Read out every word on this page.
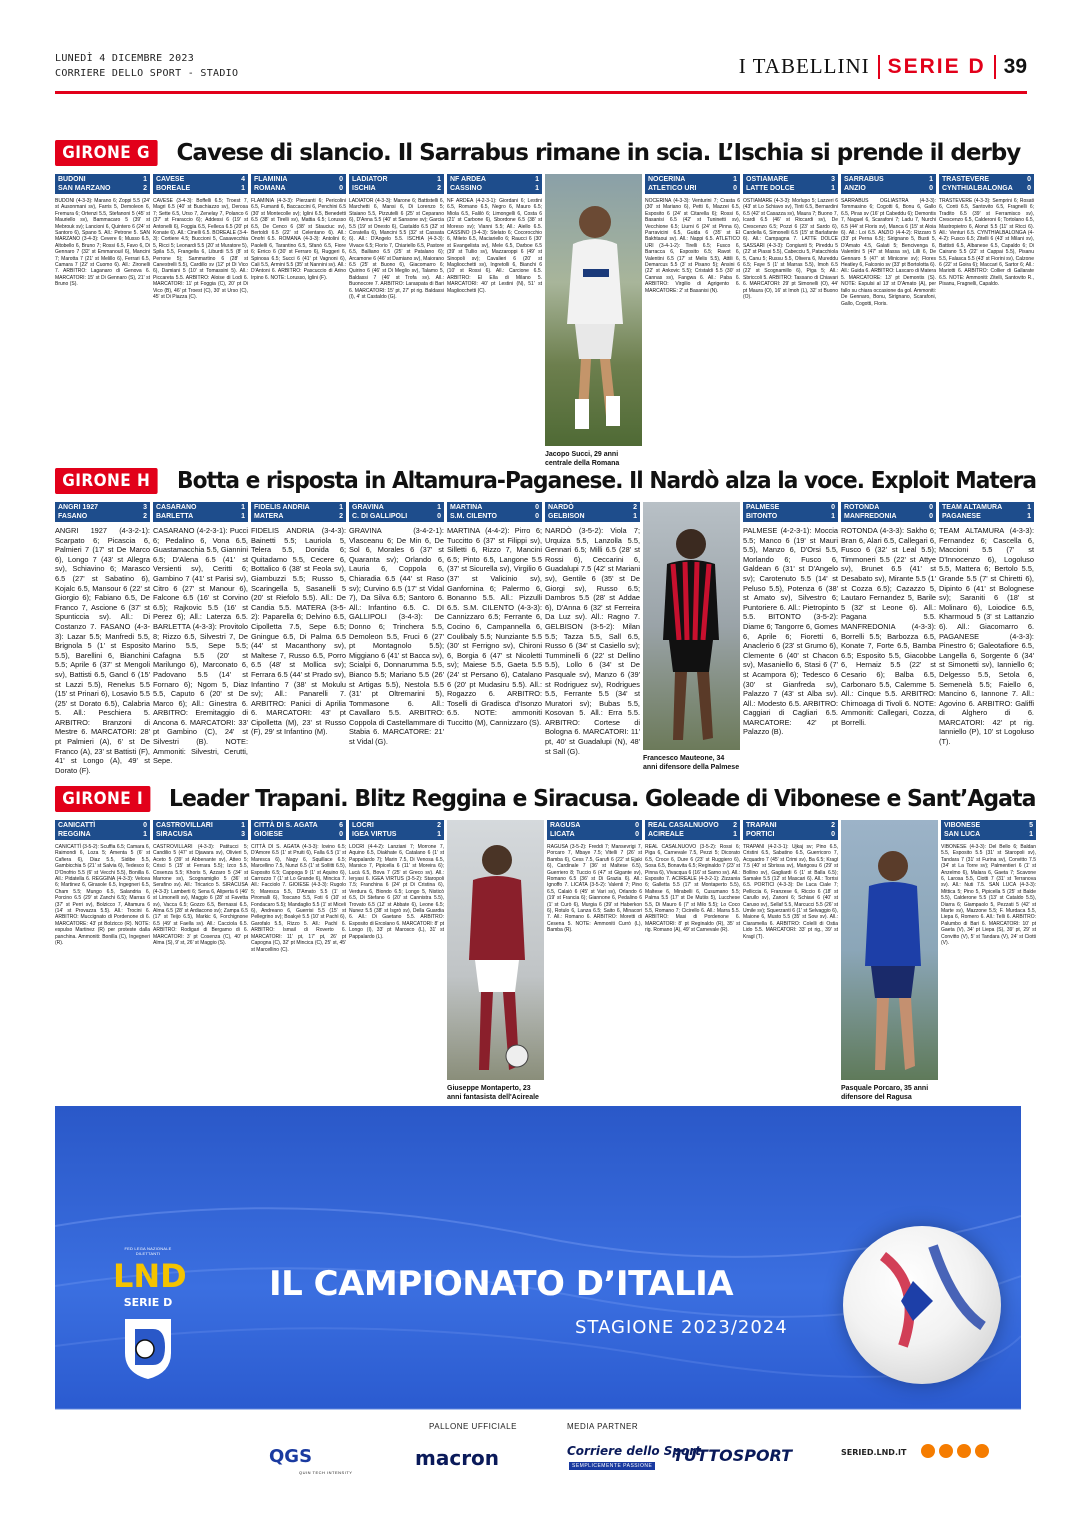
LUNEDÌ 4 DICEMBRE 2023
CORRIERE DELLO SPORT - STADIO	I TABELLINI SERIE D 39
GIRONE G	Cavese di slancio. Il Sarrabus rimane in scia. L’Ischia si prende il derby
BUDONI	1
SAN MARZANO	2
BUDONI (4-3-3): Marano 6; Zoppi 5.5 (24' st Ausonmani sv), Farris 5, Demoleon 6, Fremura 6; Ortenzi 5.5, Stefanoni 5 (45' st Mauriello sv), Bammacaro 5 (39' st Mebrouk sv); Lancioni 6, Quintero 6 (24' st Santoro 6), Spano 5. All.: Petrone 5. SAN MARZANO (3-4-3): Cevere 6; Musso 6.5, Altobello 6, Bruno 7; Rossi 6.5, Favo 6, Di Gennaro 7 (32' st Emmanouil 6), Mancini 7; Marotta 7 (21' st Melillo 6), Ferrari 6.5, Camara 7 (22' st Cuomo 6). All.: Zironelli 7. ARBITRO: Laganaro di Genova 6. MARCATORI: 15' st Di Gennaro (S), 21' st Bruno (S).
CAVESE	4
BOREALE	1
CAVESE (3-4-3): Boffelli 6.5; Troest 7, Magri 6.5 (40' st Buschiazzo sv), Derosa 7; Sette 6.5, Urso 7, Zenelay 7, Polanco 6 (37' st Fraraccio 6); Addessi 6 (19' st Antonelli 6), Foggia 6.5, Felleca 6.5 (20' pt Konate 6). All.: Cinelli 6.5. BOREALE (3-4-3): Cortiere 4.5; Buccioni 5, Casavecchia 5, Ricci 5; Leonardi 5.5 (20' st Muratore 5), Spila 5.5, Frangella 6, Liburdi 5.5 (8' st Perrone 5); Sammartino 6 (28' st Canestrelli 5.5), Cardillo sv (12' pt Di Vico 6), Damiani 5 (10' st Tomassini 5). All.: Piccareta 5.5. ARBITRO: Aloise di Lodi 6. MARCATORI: 11' pt Foggia (C), 20' pt Di Vico (B), 46' pt Troest (C), 30' st Urso (C), 45' st Di Piazza (C).
FLAMINIA	0
ROMANA	0
FLAMINIA (4-3-3): Pierzanti 6; Pericolini 6.5, Fumanti 6, Baccaccini 6, Penchini 6.5 (30' st Montecolle sv); Iglini 6.5, Benedetti 6.5 (38' st Tirelli sv), Mattia 6.5; Lorusso 6.5, De Cenco 6 (38' st Stauciuc sv), Bertoldi 6.5 (22' st Celentano 6). All.: Onofri 6.5. ROMANA (4-3-3): Antolini 6; Paolelli 6, Tarantino 6.5, Sfanò 6.5, Fiore 6; Errico 6 (30' st Ferraro 6), Ruggeri 6, Spinosa 6.5; Succi 6 (41' pt Vagnoni 6), Cali 5.5, Armini 5.5 (35' st Nannini sv). All.: D'Antoni 6. ARBITRO: Pascuccio di Arino Irpino 6. NOTE: Lorusso, Iglini (F).
LADIATOR	1
ISCHIA	2
LADIATOR (4-3-3): Marone 6; Battistelli 6, Marchetti 6, Mansi 6, Di Lorenzo 5; Staiano 5.5, Pizzutelli 6 (25' st Ceparano 6), D'Anna 5.5 (40' st Sansone sv); Garcia 5.5 (19' st Onesto 6), Castaldo 6.5 (32' st Coratella 6), Mancini 5.5 (32' st Cassata 6). All.: D'Angelo 5.5. ISCHIA (4-3-3): Vivace 6.5; Florio 7, Chiariello 6.5, Pastore 6.5, Balliano 6.5 (25' st Patalano 6); Arcamone 6 (46' st Damiano sv), Maiorano 6.5 (25' st Buono 6), Giacomarro 6; Quirino 6 (46' st Di Meglio sv), Talamo 5, Baldassi 7 (46' st Trofa sv). All.: Buonocore 7. ARBITRO: Laraspata di Bari 6. MARCATORI: 15' pt, 27' pt rig. Baldassi (I), 4' st Castaldo (G).
NF ARDEA	1
CASSINO	1
NF ARDEA (4-2-3-1): Giordani 6; Lestini 6.5, Romano 6.5, Negro 6, Mauro 6.5; Miola 6.5, Falilò 6; Limongelli 6, Costa 6 (21' st Carbone 6), Sbordone 6.5 (38' st Moreso sv); Vianni 5.5; All.: Aiello 6.5. CASSINO (3-4-3): Stelato 6; Cocorocchio 6, Mileto 6.5, Maciariello 6; Raucci 6 (30' st Evangelista sv), Mele 6.5, Darboe 6.5 (39' st Tullio sv), Mazzaroppi 6 (49' st Sinopoli sv); Cavalieri 6 (20' st Magliocchetti sv), Ingretolli 6, Bianchi 6 (10' st Rossi 6). All.: Carcione 6.5. ARBITRO: El Ella di Milano 5. MARCATORI: 40' pt Lestini (N), 51' st Magliocchetti (C).
Jacopo Succi, 29 anni centrale della Romana
NOCERINA	1
ATLETICO URI	0
NOCERINA (4-3-3): Venturini 7; Crasta 6 (30' st Mariano 6), Petti 6, Mazzei 6.5, Esposito 6 (24' st Citarella 6); Rossi 6, Basanisi 6.5 (42' st Tuninetti sv), Vecchione 6.5; Liurni 6 (24' st Pinna 6), Parravicini 6.5, Guida 6 (35' st El Bakhtaoui sv). All.: Nappi 6.5. ATLETICO URI (3-4-1-2): Tirelli 6.5; Fusco 6, Barracca 6, Esposito 6.5; Ravot 6, Valentini 6.5 (17' st Melis 5.5), Attili 6, Demarcus 5.5 (3' st Pisano 5); Ansini 6 (22' st Ankovic 5.5); Cristaldi 5.5 (30' st Cannas sv), Fangwa 6. All.: Paba 6. ARBITRO: Virgilio di Agrigento 6. MARCATORE: 2' st Basanisi (N).
OSTIAMARE	3
LATTE DOLCE	1
OSTIAMARE (4-3-3): Morlupo 5; Lazzeri 6 (43' st Lo Schiavo sv), Tinti 6.5, Bernardini 6.5 (42' st Casazza sv), Maura 7; Buono 7, Icardi 6.5 (46' st Riccardi sv), De Crescenzo 6.5; Pozzi 6 (23' st Sardo 6), Cardella 6, Simonelli 6.5 (15' st Barlafante 6). All.: Campagna 7. LATTE DOLCE SASSARI (4-3-3): Congiunti 5; Pireddu 5 (22' st Piassi 5.5), Cabecciu 5, Patacchiola 5, Canu 5; Russu 5.5, Olivera 6, Mureddu 6.5; Faye 5 (1' st Marras 5.5), Imoh 6.5 (22' st Scognamillo 6), Piga 5; All.: Sbriccoli 5. ARBITRO: Tassano di Chiavari 6. MARCATORI: 29' pt Simonelli (O), 44' pt Maura (O), 16' st Imoh (L), 32' st Buono (O).
SARRABUS	1
ANZIO	0
SARRABUS OGLIASTRA (4-3-3): Tommasino 6; Cogotti 6, Bonu 6, Gallo 6.5, Piras sv (16' pt Cabeddu 6); Demontis 7, Naguel 6, Scarafoni 7; Ladu 7, Nurchi 6.5 (44' st Floris sv), Manca 6 (15' st Aloia 6). All.: Loi 6.5. ANZIO (4-4-2): Rizzaro 5 (33' pt Perna 6.5); Sirignano 5, Busti 5, D'Amato 4.5, Galati 5; Bencivenga 6, Valentini 5 (47' st Massa sv), Lilli 6, De Gennaro 5 (47' st Minicone sv); Flores Heatley 6, Falconio sv (33' pt Bortolotta 6). All.: Guida 6. ARBITRO: Lascaro di Matera 5. MARCATORE: 13' pt Demontis (S). NOTE: Espulsi al 13' st D'Amato (A), per fallo su chiara occasione da gol. Ammoniti: De Gennaro, Bonu, Sirignano, Scarafoni, Gallo, Cogotti, Floris.
TRASTEVERE	0
CYNTHIALBALONGA 0
TRASTEVERE (4-3-3): Semprini 6; Rosati 6, Conti 6.5, Santovito 6.5, Fragnelli 6; Tradito 6.5 (39' st Ferramisco sv), Crescenzo 6.5, Calderoni 6; Tortolano 6.5, Mastropietro 6, Alonzi 5.5 (11' st Ricci 6). All.: Venturi 6.5. CYNTHIALBALONGA (4-4-2): Fusco 6.5; Zitelli 6 (43' st Milani sv), Battisti 6.5, Albanese 6.5, Capaldo 6; Di Cairano 5.5 (22' st Cappai 5.5), Pisanu 5.5, Falasca 5.5 (43' st Fiorini sv), Calzone 6 (22' st Goira 6); Maccari 6, Sartor 6; All.: Mariotti 6. ARBITRO: Collier di Gallarate 6.5. NOTE: Ammoniti: Zitelli, Santovito R., Pisanu, Fragnelli, Capaldo.
GIRONE H	Botta e risposta in Altamura-Paganese. Il Nardò alza la voce. Exploit Matera
ANGRI 1927	3
FASANO	2
ANGRI 1927 (4-3-2-1): Scarpato 6; Picascia 6, Palmieri 7 (17' st De Marco 6), Longo 7 (43' st Allegra sv), Schiavino 6; Marasco 6.5 (27' st Sabatino 6), Kojalc 6.5, Mansour 6 (22' st Giorgio 6); Fabiano 6.5, De Franco 7, Ascione 6 (37' st Spunticcia sv). All.: Di Costanzo 7. FASANO (4-3-3): Lazar 5.5; Manfredi 5.5, Brignola 5 (1' st Esposito 5.5), Barellini 6, Bianchini 5.5; Aprile 6 (37' st Mengoli sv), Battisti 6.5, Gancl 6 (15' st Lazzi 5.5), Renelus 5.5 (15' st Prinari 6), Losavio 5.5 (25' st Dorato 6.5), Calabria 5. All.: Peschiera 5. ARBITRO: Branzoni di Mestre 6. MARCATORI: 28' pt Palmieri (A), 6' st De Franco (A), 23' st Battisti (F), 41' st Longo (A), 49' st Dorato (F).
CASARANO	1
BARLETTA	1
CASARANO (4-2-3-1): Pucci 6; Pedalino 6, Vona 6.5, Guastamacchia 5.5, Giannini 6.5; D'Alena 6.5 (41' st Versienti sv), Ceritti 6; Gambino 7 (41' st Parisi sv), Citro 6 (27' st Manour 6), Falcone 6.5 (16' st Corvino 6.5); Rajkovic 5.5 (16' st Perez 6); All.: Laterza 6.5. BARLETTA (4-3-3): Provitolo 8; Rizzo 6.5, Silvestri 7, De Marino 5.5, Sepe 5.5; Cafagna 5.5 (20' st Marilungo 6), Marconato 6, Padovano 5.5 (14' st Fornaro 6); Ngom 5, Diaz 5.5, Caputo 6 (20' st De Marco 6); All.: Ginestra 6. ARBITRO: Eremitaggio di Ancona 6. MARCATORI: 33' pt Gambino (C), 24' st Silvestri (B). NOTE: Ammoniti: Silvestri, Cerutti, Sepe.
FIDELIS ANDRIA	1
MATERA	2
FIDELIS ANDRIA (3-4-3): Bainetti 5.5; Lauriola 5, Telera 5.5, Donida 6; Quitadamo 5.5, Cecere 6, Bottalico 6 (38' st Feola sv), Giambuzzi 5.5; Russo 5, Scaringella 5, Sasanelli 5 (20' st Riefolo 5.5). All.: De Candia 5.5. MATERA (3-5-2): Paparella 6; Delvino 6.5, Cipolletta 7.5, Sepe 6.5; Gningue 6.5, Di Palma 6.5 (44' st Macanthony sv), Maltese 7, Russo 6.5, Porro 6.5 (48' st Mollica sv); Ferrara 6.5 (44' st Prado sv), Infantino 7 (38' st Mokulu sv); All.: Panarelli 7. ARBITRO: Panici di Aprilia 6. MARCATORI: 43' pt Cipolletta (M), 23' st Russo (F), 29' st Infantino (M).
GRAVINA	1
C. DI GALLIPOLI	0
GRAVINA (3-4-2-1): Vlasceanu 6; De Min 6, De Sol 6, Morales 6 (37' st Quaranta sv); Orlando 6, Lauria 6, Coppola 6, Chiaradia 6.5 (44' st Raso sv); Curvino 6.5 (17' st Vidal 7), Da Silva 6.5; Santoro 6. All.: Infantino 6.5. C. DI GALLIPOLI (3-4-3): De Donno 6; Trinchera 5.5, Demoleon 5.5, Fruci 6 (27' pt Montagnolo 5.5); Miggiano 6 (41' st Bacca sv), Scialpi 6, Donnarumma 5.5, Bianco 5.5; Mariano 5.5 (26' st Artigas 5.5), Nestola 5.5 (31' pt Oltremarini 5), Tommasone 6. All.: Cavallaro 5.5. ARBITRO: Coppola di Castellammare di Stabia 6. MARCATORE: 21' st Vidal (G).
MARTINA	0
S.M. CILENTO	0
MARTINA (4-4-2): Pirro 6; Tuccitto 6 (37' st Filippi sv), Silletti 6, Rizzo 7, Mancini 6.5; Pinto 6.5, Langone 5.5 (37' st Sicurella sv), Virgilio 6 (37' st Valicinio sv), Ganfornina 6; Palermo 6, Bonanno 5.5. All.: Pizzulli 6.5. S.M. CILENTO (4-3-3): Cannizzaro 6.5; Ferrante 6, Cocino 6, Campannella 6, Coulibaly 5.5; Nunziante 5.5 (30' st Ferrigno sv), Chironi 6, Borgia 6 (47' st Nicoletti sv); Maiese 5.5, Gaeta 5.5 (24' st Persano 6), Catalano 6 (20' pt Mudasiru 5.5). All.: Rogazzo 6. ARBITRO: Toselli di Gradisca d'Isonzo 6.5. NOTE: ammoniti Tuccitto (M), Cannizzaro (S).
NARDÒ	2
GELBISON	1
NARDÒ (3-5-2): Viola 7; Urquiza 5.5, Lanzolla 5.5, Gennari 6.5; Milli 6.5 (28' st Rossi 6), Ceccarini 6, Guadalupi 7.5 (42' st Mariani sv), Gentile 6 (35' st De Giorgi sv), Russo 6.5; Dambros 5.5 (28' st Addae 6), D'Anna 6 (32' st Ferreira Da Luz sv). All.: Ragno 7. GELBISON (3-5-2): Milan 5.5; Tazza 5.5, Sall 6.5, Russo 6 (34' st Casiello sv); Tumminelli 6 (22' st Dellino 5.5), Lollo 6 (34' st De Pasquale sv), Manzo 6 (39' st Rodriguez sv), Rodrigues 5.5, Ferrante 5.5 (34' st Muratori sv); Bubas 5.5, Kosovan 5. All.: Erra 5.5. ARBITRO: Cortese di Bologna 6. MARCATORI: 11' pt, 40' st Guadalupi (N), 48' st Sall (G).
Francesco Mauteone, 34 anni difensore della Palmese
PALMESE	0
BITONTO	1
PALMESE (4-2-3-1): Moccia 5.5; Manco 6 (19' st Mauri 5.5), Manzo 6, D'Orsi 5.5, Morlando 6; Fusco 6, Galdean 6 (31' st D'Angelo sv); Carotenuto 5.5 (14' st Peluso 5.5), Potenza 6 (38' st Amato sv), Silvestro 6; Puntoriere 6. All.: Pietropinto 5.5. BITONTO (3-5-2): Diame 6; Tangorre 6, Gomes 6, Aprile 6; Fioretti 6, Anaclerio 6 (23' st Grumo 6), Clemente 6 (40' st Chacon sv), Masaniello 6, Stasi 6 (7' st Acampora 6); Tedesco 6 (30' st Gianfreda sv), Palazzo 7 (43' st Alba sv). All.: Modesto 6.5. ARBITRO: Caggiari di Cagliari 6.5. MARCATORE: 42' pt Palazzo (B).
ROTONDA	0
MANFREDONIA	0
ROTONDA (4-3-3): Sakho 6; Bran 6, Alari 6.5, Callegari 6, Fusco 6 (32' st Leal 5.5); Timmoneri 5.5 (22' st Attye sv), Brunet 6.5 (41' st Desabato sv), Mirante 5.5 (1' st Cozza 6.5); Cazazzo 5, Lautaro Fernandez 5, Barile 5 (32' st Leone 6). All.: Pagana 5.5. MANFREDONIA (4-3-3): Borrelli 5.5; Barbozza 6.5, Konate 7, Forte 6.5, Bamba 6.5; Esposito 5.5, Giacobbe 6, Hernaiz 5.5 (22' st Cesario 6); Balba 6.5, Carbonaro 5.5, Calemme 5. All.: Cinque 5.5. ARBITRO: Chirnoaga di Tivoli 6. NOTE: Ammoniti: Callegari, Cozza, Borrelli.
TEAM ALTAMURA	1
PAGANESE	1
TEAM ALTAMURA (4-3-3): Fernandez 6; Cascella 6, Maccioni 5.5 (7' st D'Innocenzo 6), Logoluso 5.5, Mattera 6; Bertolo 5.5, Grande 5.5 (7' st Chiretti 6), Dipinto 6 (41' st Bolognese sv); Saraniti 6 (18' st Molinaro 6), Loiodice 6.5, Kharmoud 5 (3' st Lattanzio 6). All.: Giacomarro 6. PAGANESE (4-3-3): Pinestro 6; Galeotafiore 6.5, Langella 6, Sorgente 6 (34' st Simonetti sv), Ianniello 6; Delgesso 5.5, Setola 6, Semenelà 5.5; Faiello 6, Mancino 6, Iannone 7. All.: Agovino 6. ARBITRO: Galiffi di Alghero di 6. MARCATORI: 42' pt rig. Ianniello (P), 10' st Logoluso (T).
GIRONE I	Leader Trapani. Blitz Reggina e Siracusa. Goleade di Vibonese e Sant’Agata
CANICATTÌ	0
REGGINA	1
CANICATTÌ (3-5-2): Scuffia 6.5; Camara 6, Raimondi 6, Loza 5; Amenta 5 (6' st Cafiera 6), Diaz 5.5, Sidibe 5.5, Gambicchia 5 (21' st Salvia 6), Tedesco 6; D'Onofrio 5.5 (6' st Vecchi 5.5), Bonilla 6. All.: Pidatella 6. REGGINA (4-3-3): Velcea 6; Martinez 6, Girasole 6.5, Ingegneri 6.5, Cham 5.5; Mungo 6.5, Salandria 6, Porcino 6.5 (29' st Zanchi 6.5); Marras 6 (37' st Perri sv), Bolzicco 7, Altamura 6 (14' st Provazza 5.5). All.: Trocini 6. ARBITRO: Muccignato di Pordenone di 6. MARCATORE: 43' pt Bolzicco (R). NOTE: espulso Martinez (R) per proteste dalla panchina. Ammoniti: Bonilla (C), Ingegneri (R).
CASTROVILLARI	1
SIRACUSA	3
CASTROVILLARI (4-3-3): Patitucci 5; Candilio 5 (47' st Djawara sv), Olivieri 5, Aceto 5 (39' st Abbenante sv), Atteo 5; Crisci 5 (15' st Ferrara 5.5); Izco 5.5, Cosenza 5.5; Khoris 5, Azzaro 5 (34' st Marrone sv), Scognamiglio 5 (36' st Serafino sv). All.: Tricarico 5. SIRACUSA (4-3-3): Lamberti 6; Sena 6, Aliperta 6 (46' st Limonelli sv), Maggio 6 (28' st Favetta sv), Vacca 6.5; Gozzo 6.5, Bernassi 6.5, Alma 6.5 (28' st Ardiacono sv); Zampa 6.5 (17' st Teijo 6.5), Markic 6, Forchignone 6.5 (49' st Faella sv). All.: Cacciola 6.5. ARBITRO: Rodigari di Bergamo di 6. MARCATORI: 3' pt Cosenza (C), 40' pt Alma (S), 9' st, 26' st Maggio (S).
CITTÀ DI S. AGATA	6
GIOIESE	0
CITTÀ DI S. AGATA (4-3-3): Iovino 6.5; D'Amore 6.5 (1' st Pruiti 6), Falla 6.5 (1' st Maresca 6), Nagy 6, Squillace 6.5; Marcellino 7.5, Nunzi 6.5 (1' st Sollitti 6.5), Esposito 6.5; Cappoga 9 (1' st Aquino 6), Carrozzo 7 (1' st Lo Grande 6), Mincica 7. All.: Facciolo 7. GIOIESE (4-3-3): Rugolo 5; Maresca 5.5, D'Amato 5.5 (1' st Piromalli 6), Toscano 5.5, Foti 6 (10' st Fondacaro 5.5); Mandaglio 5.5 (1' st Miceli 6), Andreano 6, Guerrisi 5.5 (15' st Pellegrino sv); Boakyè 5.5 (10' st Pachì 6), Garofalo 5.5, Rizzo 5. All.: Pachì 6. ARBITRO: Ismail di Roverto 6. MARCATORI: 11' pt, 17' pt, 26' pt Capogna (C), 32' pt Mincica (C), 25' st, 45' st Marcellino (C).
LOCRI	2
IGEA VIRTUS	1
LOCRI (4-4-2): Lanziani 7; Morrone 7, Aquino 6.5, Diakhate 6, Catalano 6 (1' st Pappalardo 7); Marin 7.5, Di Venosa 6.5, Marsico 7, Pipicella 6 (11' st Moreira 6); Lucà 6.5, Bova 7 (25' st Greco sv). All.: Ieryasi 6. IGEA VIRTUS (3-5-2): Staropoli 7.5; Franchina 6 (24' pt Di Cristina 6), Verdura 6, Biondo 6.5; Longo 5, Nisticò 6.5, Di Stefano 6 (20' st Cannistra 5.5), Trovato 6.5 (12' st Abbate 6), Leone 6.5; Nunez 5.5 (38' st Isgrò sv), Della Guardia 6. All.: Di Gaetano 5.5. ARBITRO: Esposito di Ercolano 6. MARCATORI: 8' pt Longo (I), 33' pt Marosco (L), 31' st Pappalardo (L).
Giuseppe Montaperto, 23 anni fantasista dell'Acireale
RAGUSA	0
LICATA	0
RAGUSA (3-5-2): Freddi 7; Mansevrigi 7, Porcaro 7, Mbaye 7.5; Vitelli 7 (26' st Bamba 6), Cess 7.5, Garufi 6 (22' st Ejaki 6), Cardinale 7 (36' st Maltese 6.5), Guerriero 8; Tuccio 6 (47' st Gigante sv), Romano 6.5 (36' st Di Grazia 6). All.: Ignoffo 7. LICATA (3-5-2): Valenti 7; Pino 6.5, Calaiò 6 (45' st Vari sv), Orlando 6 (19' st Francia 6); Giannone 6, Pedalino 6 (1' st Curò 6), Murgia 6 (39' st Haberkon 6), Rotulo 6, Lanza 6.5; Saito 6, Minacori 7. All.: Romano 6. ARBITRO: Moretti di Cesena 5. NOTE: Ammoniti Currò (L), Bamba (R).
REAL CASALNUOVO 2
ACIREALE	1
REAL CASALNUOVO (3-5-2): Rossi 6; Piga 6, Carnevale 7.5, Pezzi 5; Dicorato 6.5, Croce 6, Dure 6 (23' st Ruggiero 6), Sosa 6.5, Bonavita 6.5; Reginaldo 7 (23' st Pinna 6), Vivacqua 6 (16' st Sarno sv). All.: Esposito 7. ACIREALE (4-3-2-1): Zizzania 6; Galletta 5.5 (17' st Montaperto 5.5), Maltese 6, Mirabelli 6, Cusumano 5.5; Palma 5.5 (17' st De Mutiis 5), Lucchese 5.5, Di Mauro 6 (7' st Milo 5.5); Lo Coco 5.5, Romano 7; Cicirello 6. All.: Marra 5.5. ARBITRO: Masi di Pordenone 6. MARCATORI: 8' pt Reginaldo (R), 35' st rig. Romano (A), 49' st Carnevale (R).
TRAPANI	2
PORTICI	0
TRAPANI (4-2-3-1): Ujkaj sv; Pino 6.5, Cristini 6.5, Sabatino 6.5, Guerricoro 7, Acquadro 7 (45' st Crimi sv), Ba 6.5; Kragl 7.5 (40' st Sbrissa sv), Marigosu 6 (29' st Bollino sv), Gagliardi 6 (1' st Balla 6.5); Samake 5.5 (12' st Mascari 6). All.: Torrisi 6.5. PORTICI (4-3-3): De Luca Ciale 7; Pelliccia 6, Franzese 6, Riccio 6 (18' st Carullo sv), Zanoni 6; Schiavi 6 (40' st Caruso sv), Sellaf 5.5, Marcucci 5.5 (26' st Umile sv); Squerzanti 6 (1' st Selvaggio 6), Maione 6, Musto 5.5 (35' st Sow sv). All.: Ciaramella 6. ARBITRO: Colelli di Ostia Lido 5.5. MARCATORI: 33' pt rig., 39' st Kragl (T).
Pasquale Porcaro, 35 anni difensore del Ragusa
VIBONESE	5
SAN LUCA	1
VIBONESE (4-3-3): Del Bello 6; Baldan 5.5, Esposito 5.5 (31' st Staropoli sv), Tandara 7 (31' st Furina sv), Convitto 7.5 (34' st La Torre sv); Palmentieri 6 (1' st Anzelmo 6), Malara 6, Gaeta 7; Scavone 6, Larosa 5.5, Ciotti 7 (31' st Terranova sv). All.: Nuti 7.5. SAN LUCA (4-3-3): Mittica 5; Pino 5, Pipicella 5 (25' st Balde 5.5), Calderone 5.5 (13' st Cataldo 5.5), Diarra 6; Giampaolo 5, Pezzati 5 (42' st Marte sv), Mazzone 5.5; F. Murdaca 5.5, Liepa 6, Romero 6. All.: Telli 6. ARBITRO: Palumbo di Bari 6. MARCATORI: 10' pt Gaeta (V), 34' pt Liepa (S), 39' pt, 29' st Convitto (V), 5' st Tandara (V), 24' st Ciotti (V).
FED LEGA NAZIONALE DILETTANTI
LND
SERIE D	IL CAMPIONATO D’ITALIA
STAGIONE 2023/2024
PALLONE UFFICIALE	MEDIA PARTNER
QGS
QUIN TECH INTENSITY
macron	Corriere dello Sport
SEMPLICEMENTE PASSIONE
TUTTOSPORT	SERIED.LND.IT
